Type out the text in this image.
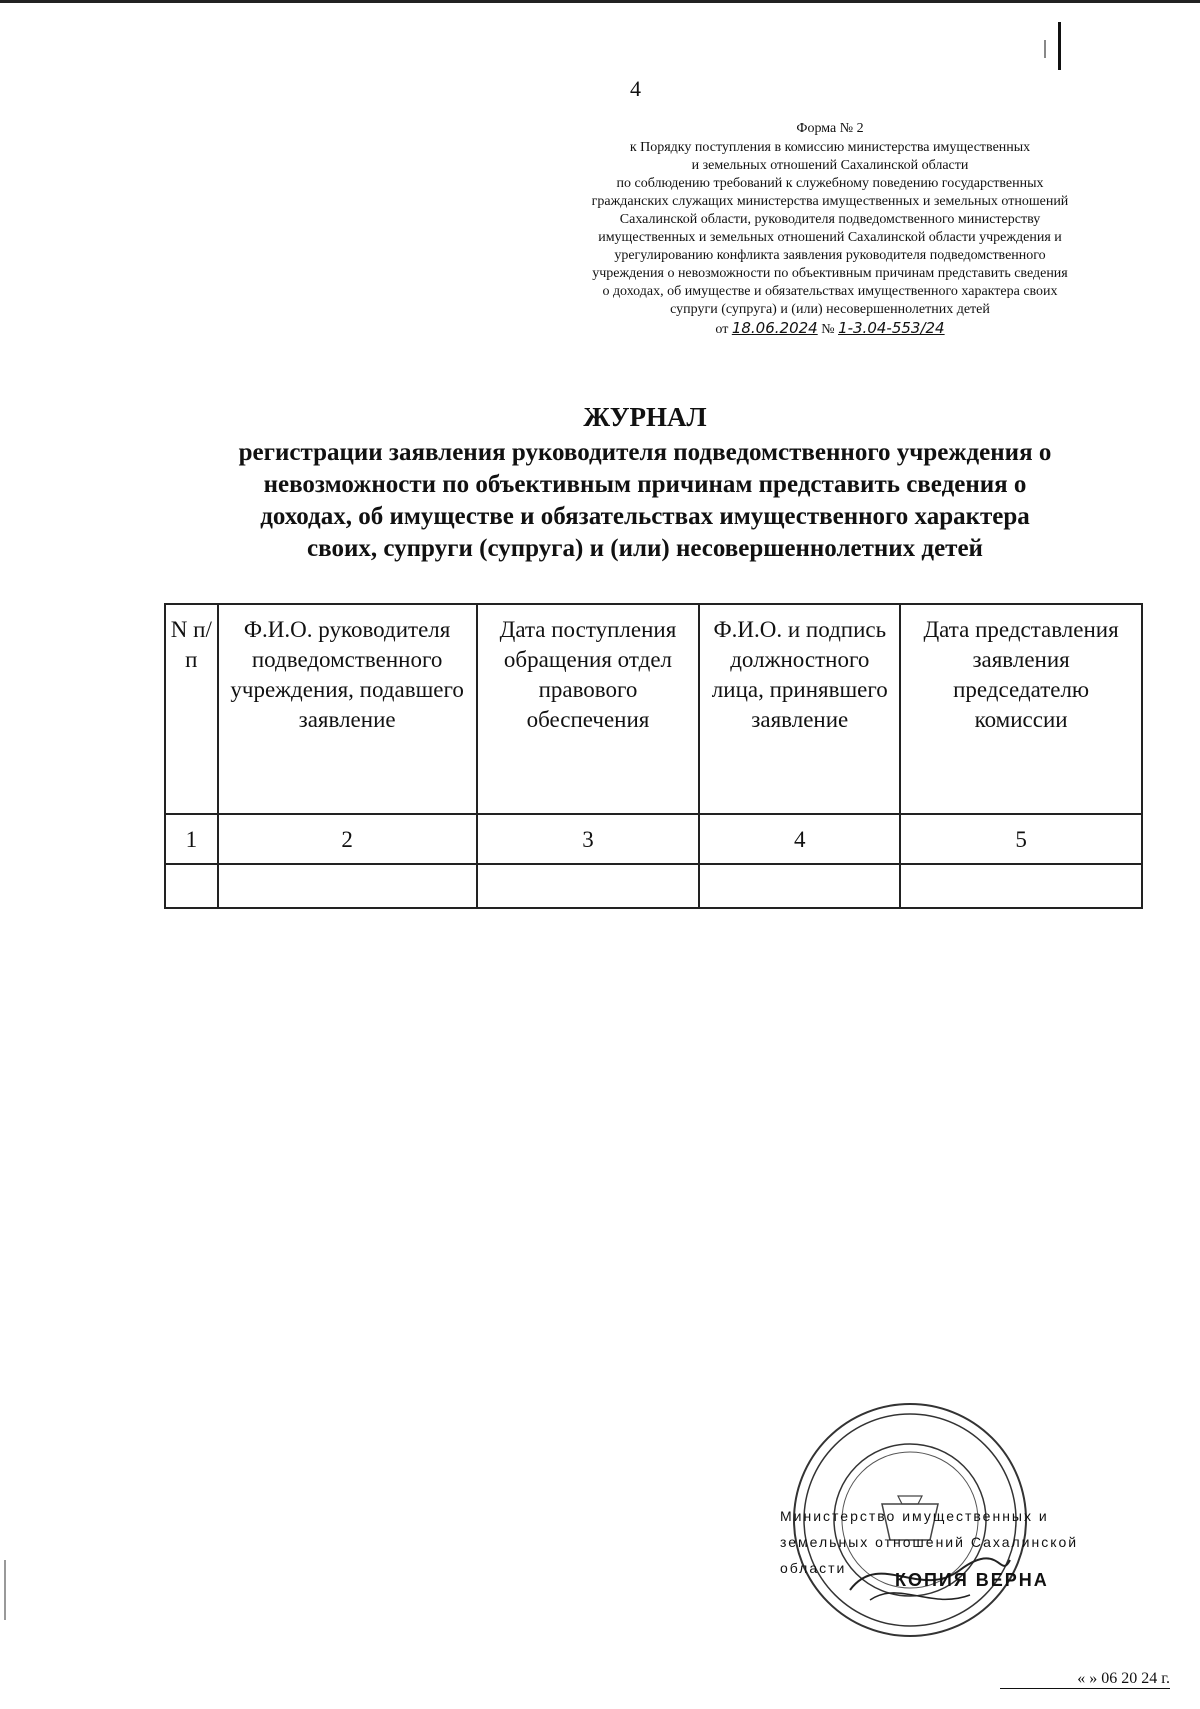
4
Форма № 2
к Порядку поступления в комиссию министерства имущественных
и земельных отношений Сахалинской области
по соблюдению требований к служебному поведению государственных
гражданских служащих министерства имущественных и земельных отношений
Сахалинской области, руководителя подведомственного министерству
имущественных и земельных отношений Сахалинской области учреждения и
урегулированию конфликта заявления руководителя подведомственного
учреждения о невозможности по объективным причинам представить сведения
о доходах, об имуществе и обязательствах имущественного характера своих
супруги (супруга) и (или) несовершеннолетних детей
от 18.06.2024 № 1-3.04-553/24
ЖУРНАЛ
регистрации заявления руководителя подведомственного учреждения о
невозможности по объективным причинам представить сведения о
доходах, об имуществе и обязательствах имущественного характера
своих, супруги (супруга) и (или) несовершеннолетних детей
N п/п	Ф.И.О. руководителя подведомственного учреждения, подавшего заявление	Дата поступления обращения отдел правового обеспечения	Ф.И.О. и подпись должностного лица, принявшего заявление	Дата представления заявления председателю комиссии
1	2	3	4	5

Министерство имущественных и
земельных отношений Сахалинской
области
КОПИЯ ВЕРНА
« » 06 20 24 г.
